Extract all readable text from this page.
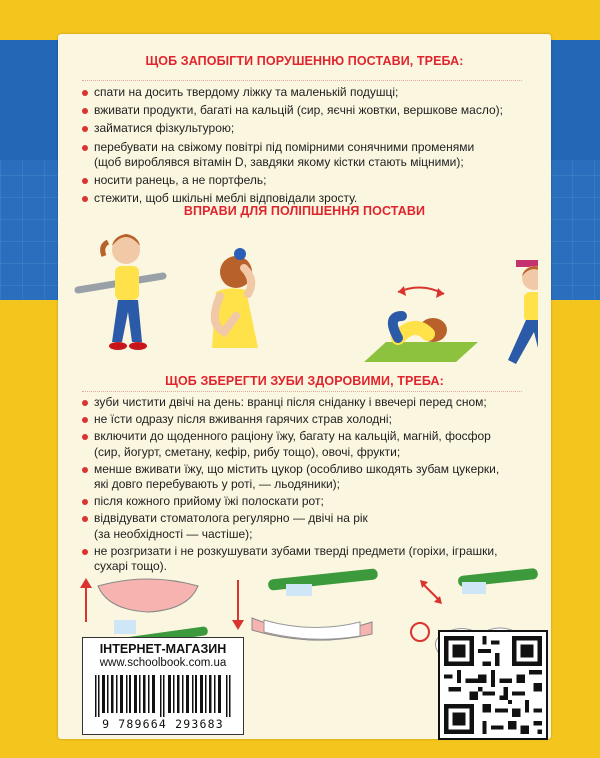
ЩОБ ЗАПОБІГТИ ПОРУШЕННЮ ПОСТАВИ, ТРЕБА:
спати на досить твердому ліжку та маленькій подушці;
вживати продукти, багаті на кальцій (сир, яєчні жовтки, вершкове масло);
займатися фізкультурою;
перебувати на свіжому повітрі під помірними сонячними променями
(щоб вироблявся вітамін D, завдяки якому кістки стають міцними);
носити ранець, а не портфель;
стежити, щоб шкільні меблі відповідали зросту.
ВПРАВИ ДЛЯ ПОЛІПШЕННЯ ПОСТАВИ
ЩОБ ЗБЕРЕГТИ ЗУБИ ЗДОРОВИМИ, ТРЕБА:
зуби чистити двічі на день: вранці після сніданку і ввечері перед сном;
не їсти одразу після вживання гарячих страв холодні;
включити до щоденного раціону їжу, багату на кальцій, магній, фосфор
(сир, йогурт, сметану, кефір, рибу тощо), овочі, фрукти;
менше вживати їжу, що містить цукор (особливо шкодять зубам цукерки,
які довго перебувають у роті, — льодяники);
після кожного прийому їжі полоскати рот;
відвідувати стоматолога регулярно — двічі на рік
(за необхідності — частіше);
не розгризати і не розкушувати зубами тверді предмети (горіхи, іграшки,
сухарі тощо).
ІНТЕРНЕТ-МАГАЗИН
www.schoolbook.com.ua
9 789664 293683
